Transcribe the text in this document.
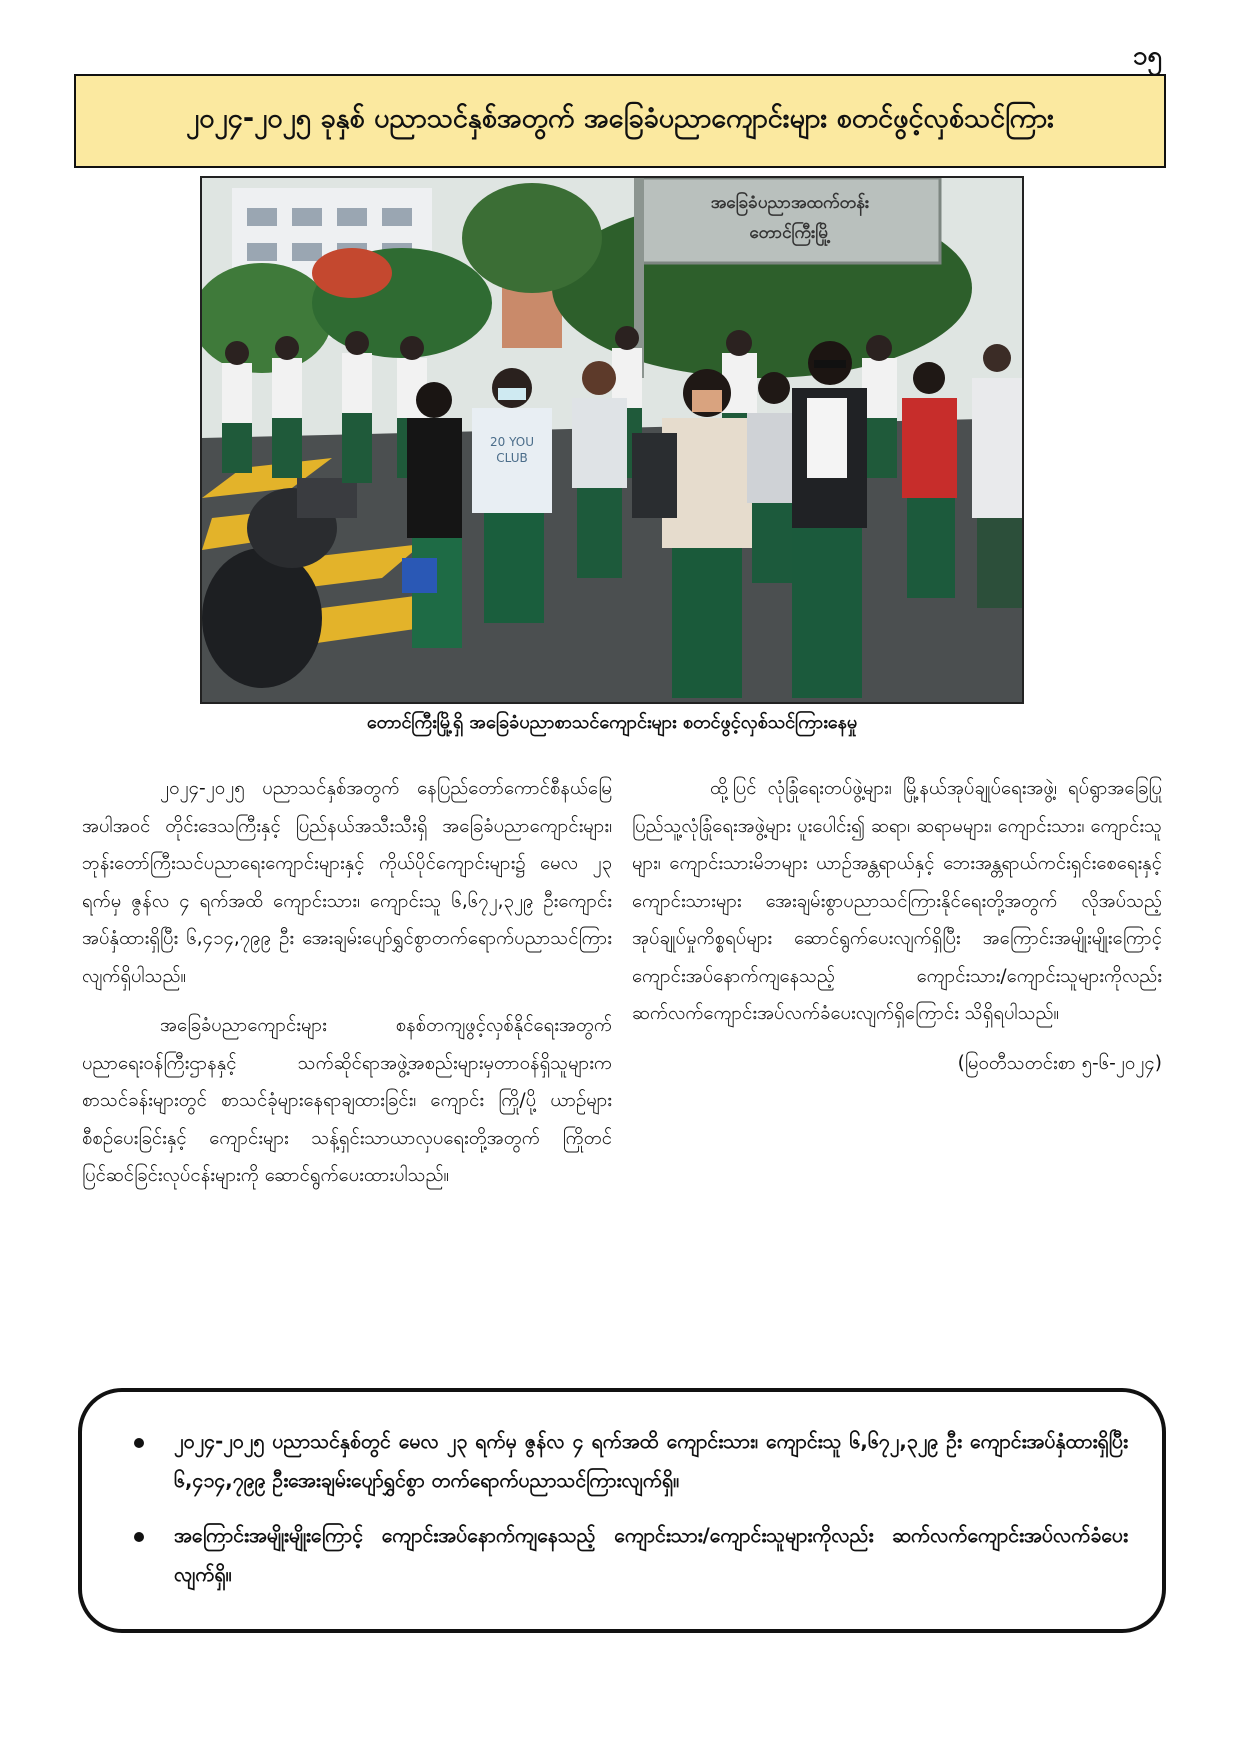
၁၅
၂၀၂၄-၂၀၂၅ ခုနှစ် ပညာသင်နှစ်အတွက် အခြေခံပညာကျောင်းများ စတင်ဖွင့်လှစ်သင်ကြား
အခြေခံပညာအထက်တန်း
တောင်ကြီးမြို့
20 YOU
CLUB
တောင်ကြီးမြို့ရှိ အခြေခံပညာစာသင်ကျောင်းများ စတင်ဖွင့်လှစ်သင်ကြားနေမှု

၂၀၂၄-၂၀၂၅ ပညာသင်နှစ်အတွက် နေပြည်တော်ကောင်စီနယ်မြေအပါအဝင် တိုင်းဒေသကြီးနှင့် ပြည်နယ်အသီးသီးရှိ အခြေခံပညာကျောင်းများ၊ ဘုန်းတော်ကြီးသင်ပညာရေးကျောင်းများနှင့် ကိုယ်ပိုင်ကျောင်းများ၌ မေလ ၂၃ ရက်မှ ဇွန်လ ၄ ရက်အထိ ကျောင်းသား၊ ကျောင်းသူ ၆,၆၇၂,၃၂၉ ဦးကျောင်းအပ်နှံထားရှိပြီး ၆,၄၁၄,၇၉၉ ဦး အေးချမ်းပျော်ရွှင်စွာတက်ရောက်ပညာသင်ကြားလျက်ရှိပါသည်။

အခြေခံပညာကျောင်းများ စနစ်တကျဖွင့်လှစ်နိုင်ရေးအတွက် ပညာရေးဝန်ကြီးဌာနနှင့် သက်ဆိုင်ရာအဖွဲ့အစည်းများမှတာဝန်ရှိသူများက စာသင်ခန်းများတွင် စာသင်ခုံများနေရာချထားခြင်း၊ ကျောင်း ကြို/ပို့ ယာဉ်များ စီစဉ်ပေးခြင်းနှင့် ကျောင်းများ သန့်ရှင်းသာယာလှပရေးတို့အတွက် ကြိုတင်ပြင်ဆင်ခြင်းလုပ်ငန်းများကို ဆောင်ရွက်ပေးထားပါသည်။

ထို့ပြင် လုံခြုံရေးတပ်ဖွဲ့များ၊ မြို့နယ်အုပ်ချုပ်ရေးအဖွဲ့၊ ရပ်ရွာအခြေပြု ပြည်သူ့လုံခြုံရေးအဖွဲ့များ ပူးပေါင်း၍ ဆရာ၊ ဆရာမများ၊ ကျောင်းသား၊ ကျောင်းသူများ၊ ကျောင်းသားမိဘများ ယာဉ်အန္တရာယ်နှင့် ဘေးအန္တရာယ်ကင်းရှင်းစေရေးနှင့် ကျောင်းသားများ အေးချမ်းစွာပညာသင်ကြားနိုင်ရေးတို့အတွက် လိုအပ်သည့်အုပ်ချုပ်မှုကိစ္စရပ်များ ဆောင်ရွက်ပေးလျက်ရှိပြီး အကြောင်းအမျိုးမျိုးကြောင့် ကျောင်းအပ်နောက်ကျနေသည့် ကျောင်းသား/ကျောင်းသူများကိုလည်း ဆက်လက်ကျောင်းအပ်လက်ခံပေးလျက်ရှိကြောင်း သိရှိရပါသည်။

(မြဝတီသတင်းစာ ၅-၆-၂၀၂၄)

၂၀၂၄-၂၀၂၅ ပညာသင်နှစ်တွင် မေလ ၂၃ ရက်မှ ဇွန်လ ၄ ရက်အထိ ကျောင်းသား၊ ကျောင်းသူ ၆,၆၇၂,၃၂၉ ဦး ကျောင်းအပ်နှံထားရှိပြီး ၆,၄၁၄,၇၉၉ ဦးအေးချမ်းပျော်ရွှင်စွာ တက်ရောက်ပညာသင်ကြားလျက်ရှိ။
အကြောင်းအမျိုးမျိုးကြောင့် ကျောင်းအပ်နောက်ကျနေသည့် ကျောင်းသား/ကျောင်းသူများကိုလည်း ဆက်လက်ကျောင်းအပ်လက်ခံပေးလျက်ရှိ။
